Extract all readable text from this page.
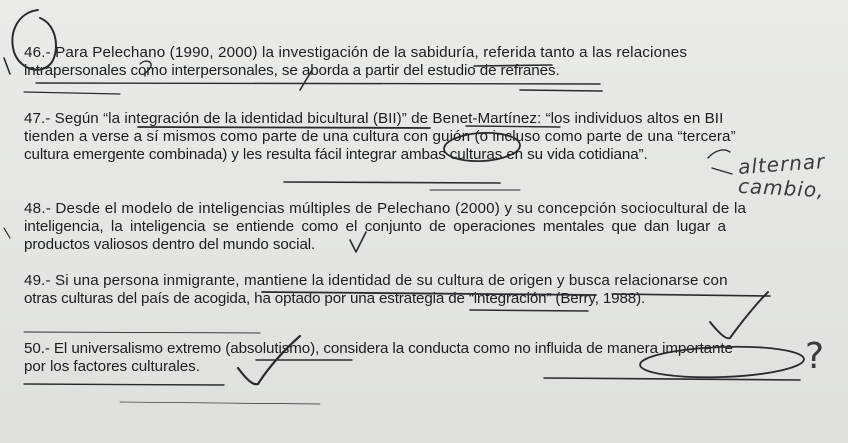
46.- Para Pelechano (1990, 2000) la investigación de la sabiduría, referida tanto a las relaciones
intrapersonales como interpersonales, se aborda a partir del estudio de refranes.
47.- Según “la integración de la identidad bicultural (BII)” de Benet-Martínez: “los individuos altos en BII
tienden a verse a sí mismos como parte de una cultura con guión (o incluso como parte de una “tercera”
cultura emergente combinada) y les resulta fácil integrar ambas culturas en su vida cotidiana”.
48.- Desde el modelo de inteligencias múltiples de Pelechano (2000) y su concepción sociocultural de la
inteligencia, la inteligencia se entiende como el conjunto de operaciones mentales que dan lugar a
productos valiosos dentro del mundo social.
49.- Si una persona inmigrante, mantiene la identidad de su cultura de origen y busca relacionarse con
otras culturas del país de acogida, ha optado por una estrategia de “integración” (Berry, 1988).
50.- El universalismo extremo (absolutismo), considera la conducta como no influida de manera importante
por los factores culturales.
alternar
cambio,
?
